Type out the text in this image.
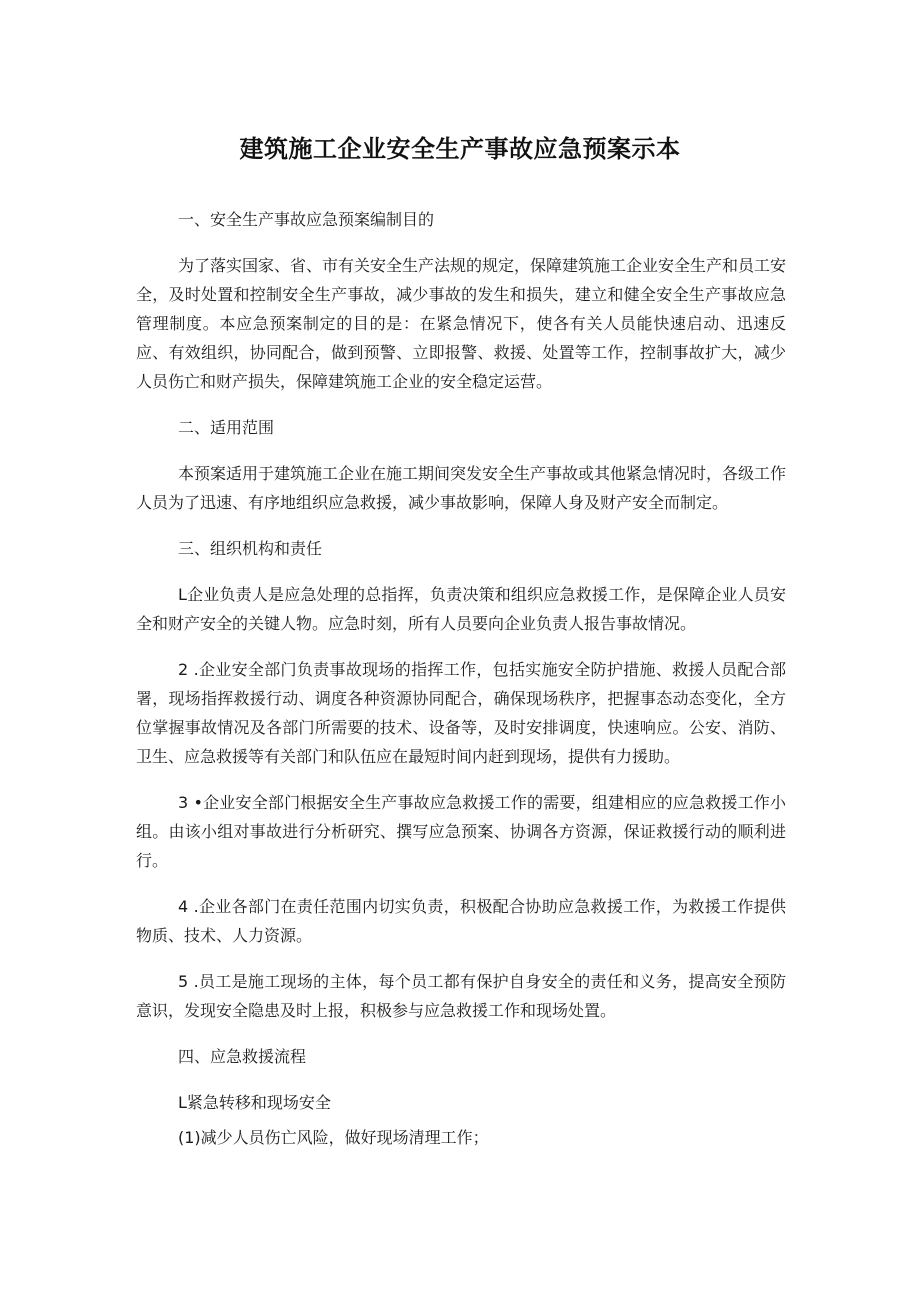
建筑施工企业安全生产事故应急预案示本

一、安全生产事故应急预案编制目的

为了落实国家、省、市有关安全生产法规的规定，保障建筑施工企业安全生产和员工安全，及时处置和控制安全生产事故，减少事故的发生和损失，建立和健全安全生产事故应急管理制度。本应急预案制定的目的是：在紧急情况下，使各有关人员能快速启动、迅速反应、有效组织，协同配合，做到预警、立即报警、救援、处置等工作，控制事故扩大，减少人员伤亡和财产损失，保障建筑施工企业的安全稳定运营。

二、适用范围

本预案适用于建筑施工企业在施工期间突发安全生产事故或其他紧急情况时，各级工作人员为了迅速、有序地组织应急救援，减少事故影响，保障人身及财产安全而制定。

三、组织机构和责任

L企业负责人是应急处理的总指挥，负责决策和组织应急救援工作，是保障企业人员安全和财产安全的关键人物。应急时刻，所有人员要向企业负责人报告事故情况。

2 .企业安全部门负责事故现场的指挥工作，包括实施安全防护措施、救援人员配合部署，现场指挥救援行动、调度各种资源协同配合，确保现场秩序，把握事态动态变化，全方位掌握事故情况及各部门所需要的技术、设备等，及时安排调度，快速响应。公安、消防、卫生、应急救援等有关部门和队伍应在最短时间内赶到现场，提供有力援助。

3 •企业安全部门根据安全生产事故应急救援工作的需要，组建相应的应急救援工作小组。由该小组对事故进行分析研究、撰写应急预案、协调各方资源，保证救援行动的顺利进行。

4 .企业各部门在责任范围内切实负责，积极配合协助应急救援工作，为救援工作提供物质、技术、人力资源。

5 .员工是施工现场的主体，每个员工都有保护自身安全的责任和义务，提高安全预防意识，发现安全隐患及时上报，积极参与应急救援工作和现场处置。

四、应急救援流程

L紧急转移和现场安全

(1)减少人员伤亡风险，做好现场清理工作；
